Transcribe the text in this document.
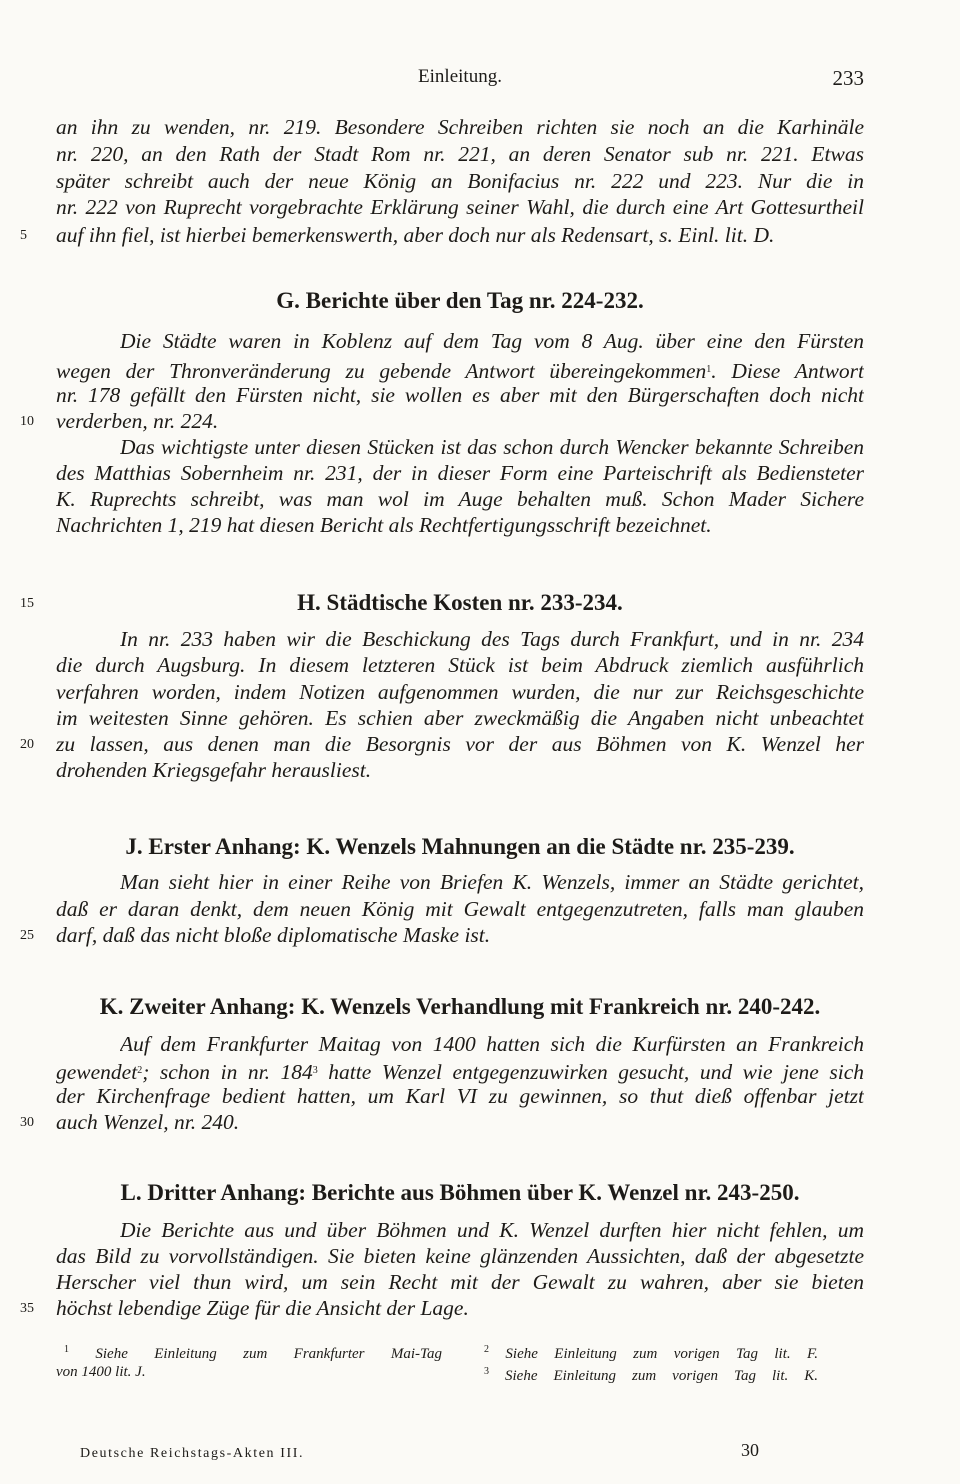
Einleitung.	233
an ihn zu wenden, nr. 219. Besondere Schreiben richten sie noch an die Karhinäle
nr. 220, an den Rath der Stadt Rom nr. 221, an deren Senator sub nr. 221. Etwas
später schreibt auch der neue König an Bonifacius nr. 222 und 223. Nur die in
nr. 222 von Ruprecht vorgebrachte Erklärung seiner Wahl, die durch eine Art Gottesurtheil
auf ihn fiel, ist hierbei bemerkenswerth, aber doch nur als Redensart, s. Einl. lit. D.
G. Berichte über den Tag nr. 224-232.
Die Städte waren in Koblenz auf dem Tag vom 8 Aug. über eine den Fürsten
wegen der Thronveränderung zu gebende Antwort übereingekommen$^1$. Diese Antwort
nr. 178 gefällt den Fürsten nicht, sie wollen es aber mit den Bürgerschaften doch nicht
verderben, nr. 224.
Das wichtigste unter diesen Stücken ist das schon durch Wencker bekannte Schreiben
des Matthias Sobernheim nr. 231, der in dieser Form eine Parteischrift als Bediensteter
K. Ruprechts schreibt, was man wol im Auge behalten muß. Schon Mader Sichere
Nachrichten 1, 219 hat diesen Bericht als Rechtfertigungsschrift bezeichnet.
H. Städtische Kosten nr. 233-234.
In nr. 233 haben wir die Beschickung des Tags durch Frankfurt, und in nr. 234
die durch Augsburg. In diesem letzteren Stück ist beim Abdruck ziemlich ausführlich
verfahren worden, indem Notizen aufgenommen wurden, die nur zur Reichsgeschichte
im weitesten Sinne gehören. Es schien aber zweckmäßig die Angaben nicht unbeachtet
zu lassen, aus denen man die Besorgnis vor der aus Böhmen von K. Wenzel her
drohenden Kriegsgefahr herausliest.
J. Erster Anhang: K. Wenzels Mahnungen an die Städte nr. 235-239.
Man sieht hier in einer Reihe von Briefen K. Wenzels, immer an Städte gerichtet,
daß er daran denkt, dem neuen König mit Gewalt entgegenzutreten, falls man glauben
darf, daß das nicht bloße diplomatische Maske ist.
K. Zweiter Anhang: K. Wenzels Verhandlung mit Frankreich nr. 240-242.
Auf dem Frankfurter Maitag von 1400 hatten sich die Kurfürsten an Frankreich
gewendet$^2$; schon in nr. $184^3$ hatte Wenzel entgegenzuwirken gesucht, und wie jene sich
der Kirchenfrage bedient hatten, um Karl VI zu gewinnen, so thut dieß offenbar jetzt
auch Wenzel, nr. 240.
L. Dritter Anhang: Berichte aus Böhmen über K. Wenzel nr. 243-250.
Die Berichte aus und über Böhmen und K. Wenzel durften hier nicht fehlen, um
das Bild zu vorvollständigen. Sie bieten keine glänzenden Aussichten, daß der abgesetzte
Herscher viel thun wird, um sein Recht mit der Gewalt zu wahren, aber sie bieten
höchst lebendige Züge für die Ansicht der Lage.
5
10
15
20
25
30
35
$^1$ Siehe Einleitung zum Frankfurter Mai-Tag
von 1400 lit. J.
$^2$ Siehe Einleitung zum vorigen Tag lit. F.
$^3$ Siehe Einleitung zum vorigen Tag lit. K.
Deutsche Reichstags-Akten III.	30
